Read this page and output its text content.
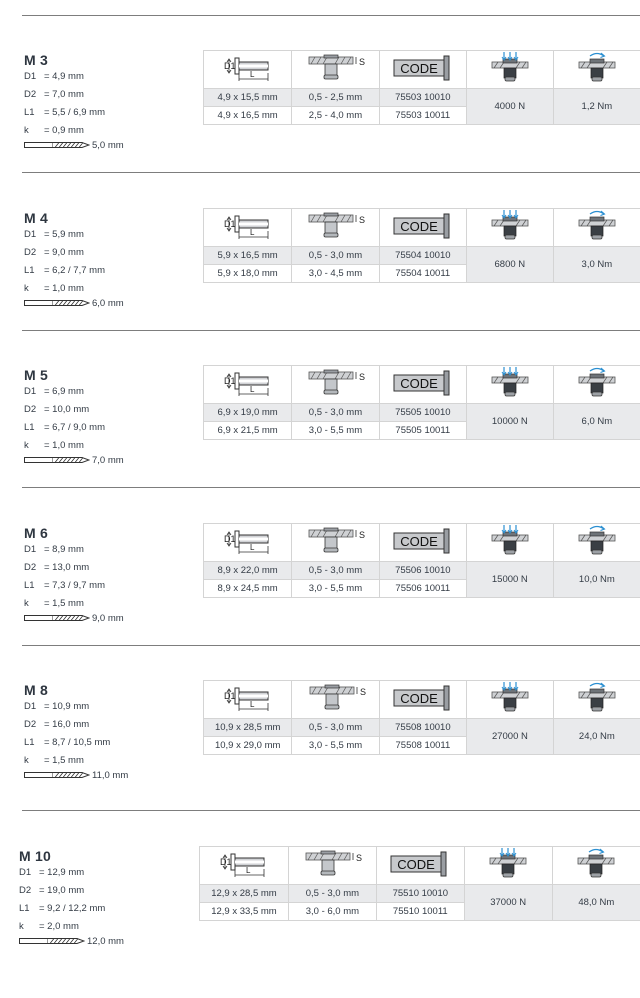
M 3
D1 = 4,9 mm
D2 = 7,0 mm
L1 = 5,5 / 6,9 mm
k = 0,9 mm
5,0 mm
D1
L	S	CODE

4,9 x 15,5 mm	0,5 - 2,5 mm	75503 10010	4000 N	1,2 Nm
4,9 x 16,5 mm	2,5 - 4,0 mm	75503 10011		
M 4
D1 = 5,9 mm
D2 = 9,0 mm
L1 = 6,2 / 7,7 mm
k = 1,0 mm
6,0 mm
D1
L	S	CODE

5,9 x 16,5 mm	0,5 - 3,0 mm	75504 10010	6800 N	3,0 Nm
5,9 x 18,0 mm	3,0 - 4,5 mm	75504 10011		
M 5
D1 = 6,9 mm
D2 = 10,0 mm
L1 = 6,7 / 9,0 mm
k = 1,0 mm
7,0 mm
D1
L	S	CODE

6,9 x 19,0 mm	0,5 - 3,0 mm	75505 10010	10000 N	6,0 Nm
6,9 x 21,5 mm	3,0 - 5,5 mm	75505 10011		
M 6
D1 = 8,9 mm
D2 = 13,0 mm
L1 = 7,3 / 9,7 mm
k = 1,5 mm
9,0 mm
D1
L	S	CODE

8,9 x 22,0 mm	0,5 - 3,0 mm	75506 10010	15000 N	10,0 Nm
8,9 x 24,5 mm	3,0 - 5,5 mm	75506 10011		
M 8
D1 = 10,9 mm
D2 = 16,0 mm
L1 = 8,7 / 10,5 mm
k = 1,5 mm
11,0 mm
D1
L	S	CODE

10,9 x 28,5 mm	0,5 - 3,0 mm	75508 10010	27000 N	24,0 Nm
10,9 x 29,0 mm	3,0 - 5,5 mm	75508 10011		
M 10
D1 = 12,9 mm
D2 = 19,0 mm
L1 = 9,2 / 12,2 mm
k = 2,0 mm
12,0 mm
D1
L	S	CODE

12,9 x 28,5 mm	0,5 - 3,0 mm	75510 10010	37000 N	48,0 Nm
12,9 x 33,5 mm	3,0 - 6,0 mm	75510 10011		
